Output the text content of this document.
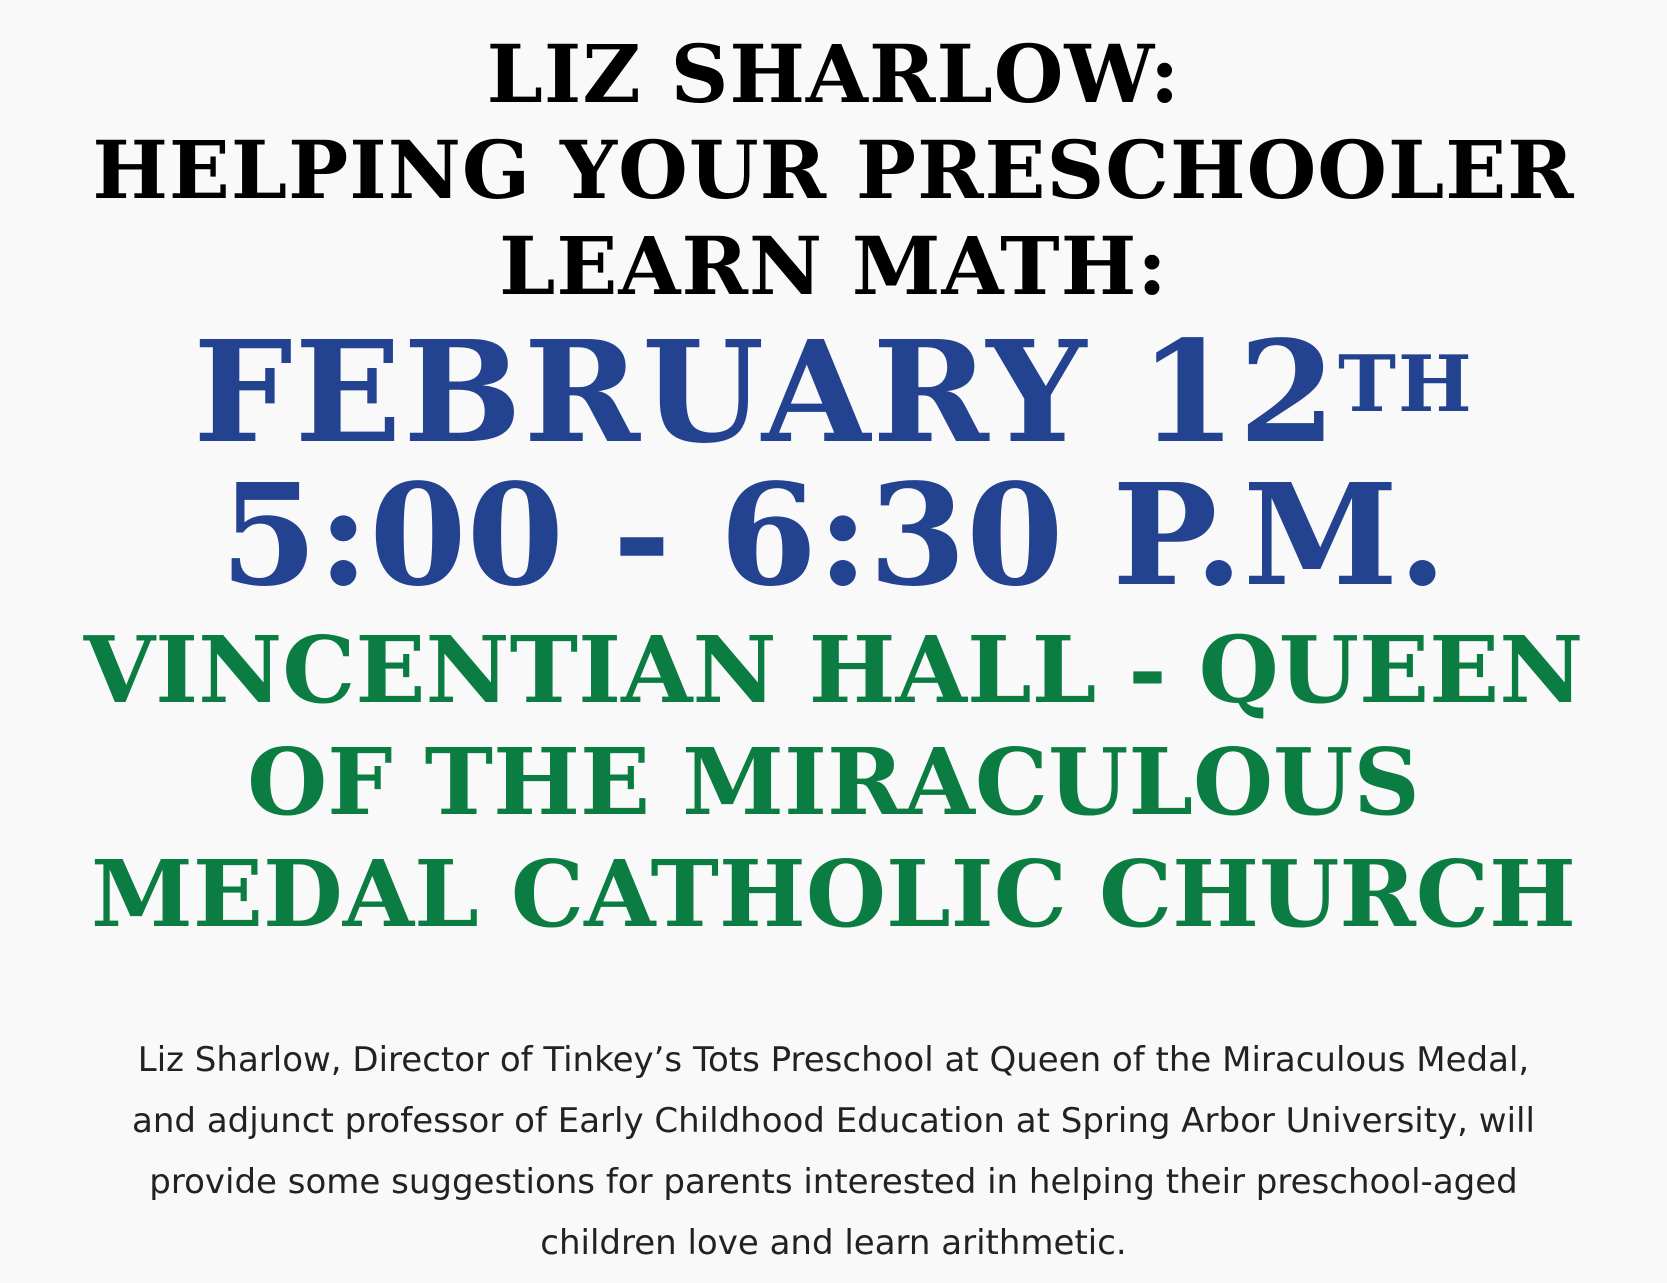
LIZ SHARLOW:
HELPING YOUR PRESCHOOLER
LEARN MATH:

FEBRUARY 12TH

5:00 - 6:30 P.M.

VINCENTIAN HALL - QUEEN
OF THE MIRACULOUS
MEDAL CATHOLIC CHURCH

Liz Sharlow, Director of Tinkey’s Tots Preschool at Queen of the Miraculous Medal, and adjunct professor of Early Childhood Education at Spring Arbor University, will provide some suggestions for parents interested in helping their preschool-aged children love and learn arithmetic.
